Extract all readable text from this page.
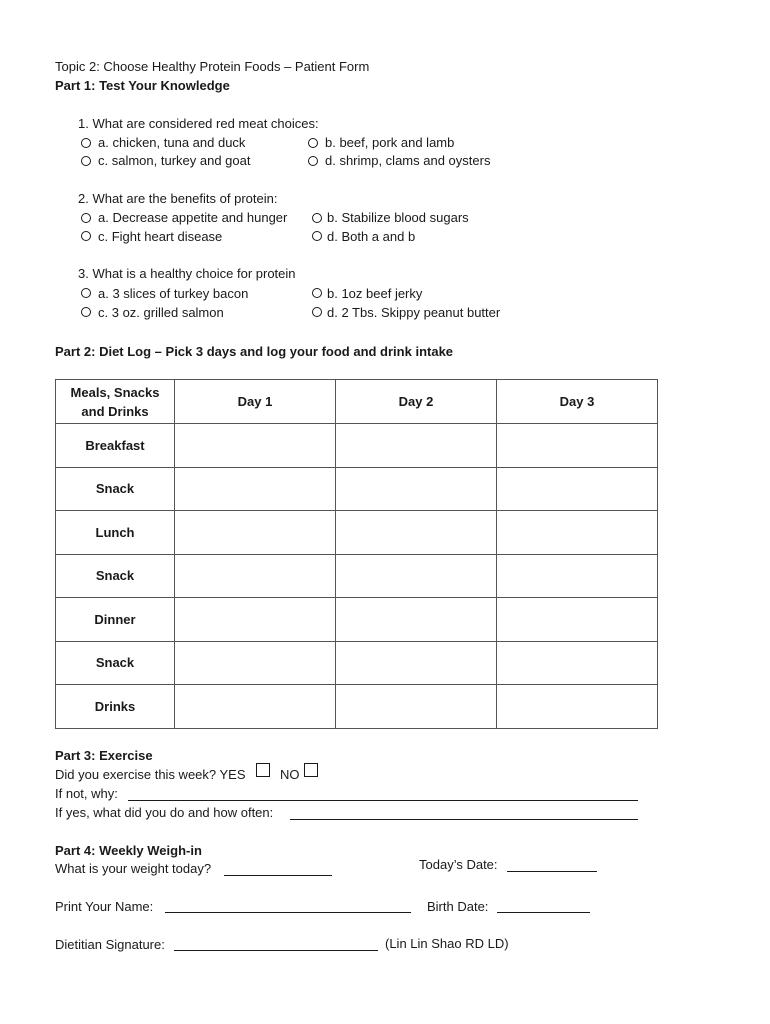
Topic 2: Choose Healthy Protein Foods – Patient Form
Part 1: Test Your Knowledge
1. What are considered red meat choices:
a. chicken, tuna and duck	b. beef, pork and lamb
c. salmon, turkey and goat	d. shrimp, clams and oysters
2. What are the benefits of protein:
a. Decrease appetite and hunger	b. Stabilize blood sugars
c. Fight heart disease	d. Both a and b
3. What is a healthy choice for protein
a. 3 slices of turkey bacon	b. 1oz beef jerky
c. 3 oz. grilled salmon	d. 2 Tbs. Skippy peanut butter
Part 2: Diet Log – Pick 3 days and log your food and drink intake
Meals, Snacks and Drinks	Day 1	Day 2	Day 3
Breakfast			
Snack			
Lunch			
Snack			
Dinner			
Snack			
Drinks			
Part 3: Exercise
Did you exercise this week? YES	NO
If not, why:
If yes, what did you do and how often:
Part 4: Weekly Weigh-in
What is your weight today?	Today’s Date:
Print Your Name:	Birth Date:
Dietitian Signature:	(Lin Lin Shao RD LD)
